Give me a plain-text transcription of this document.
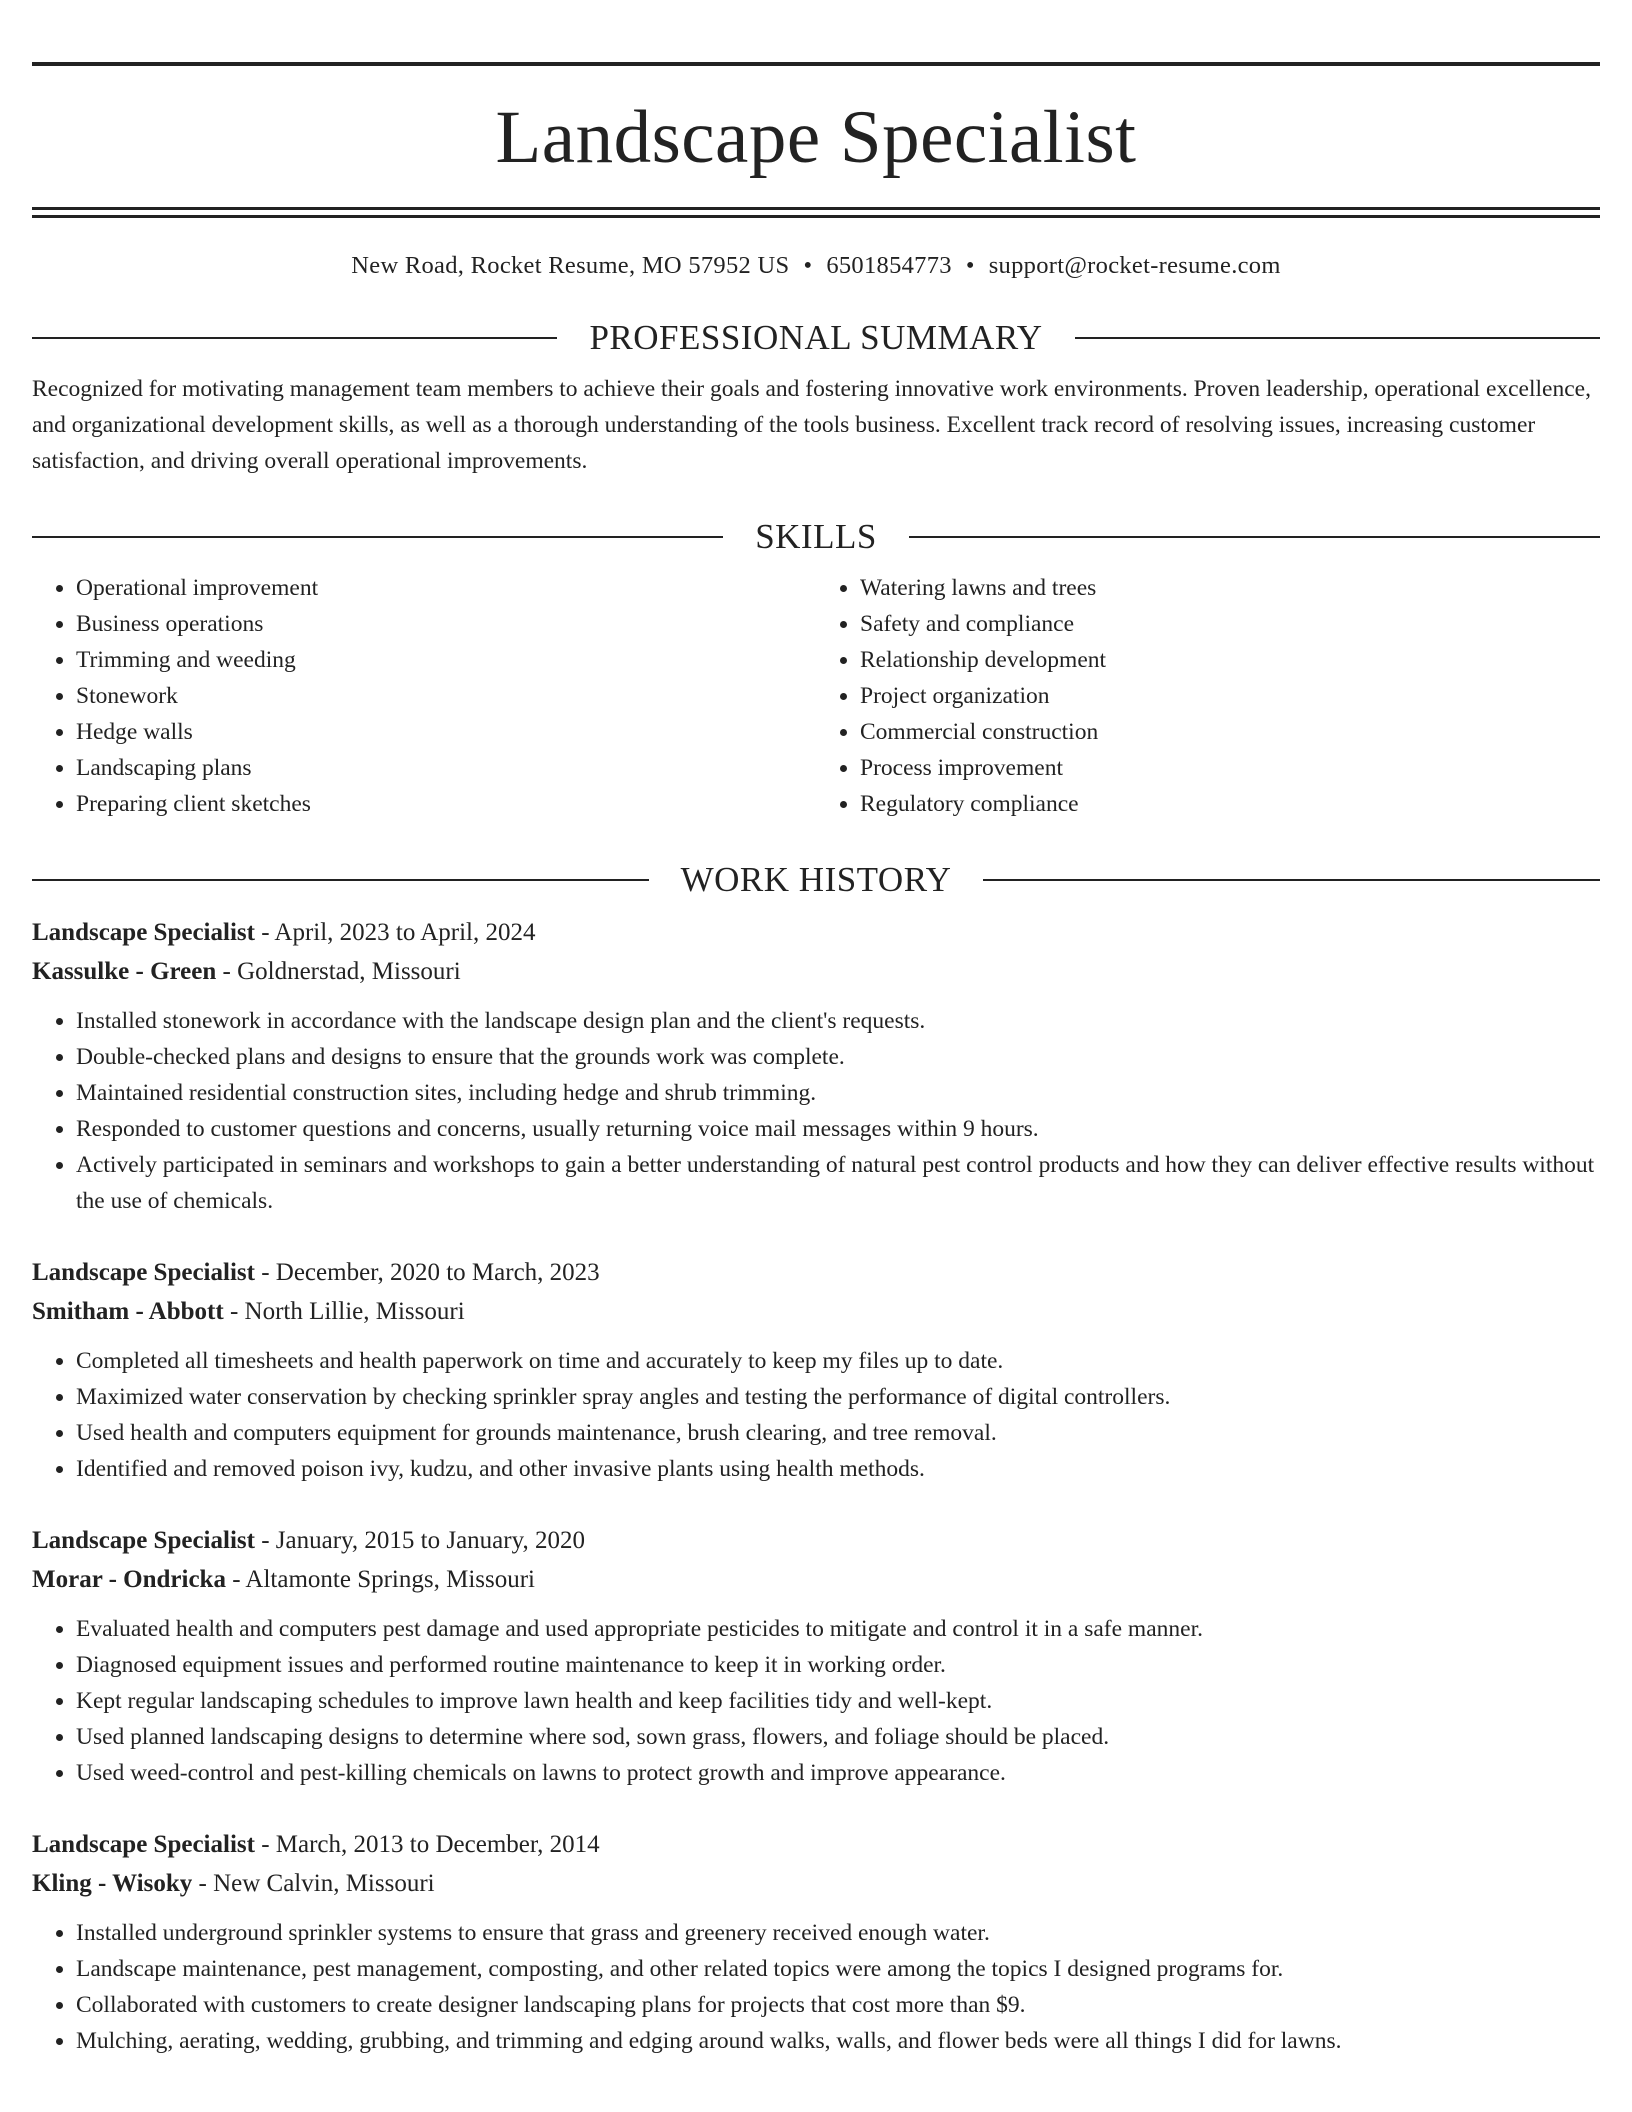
Landscape Specialist
New Road, Rocket Resume, MO 57952 US • 6501854773 • support@rocket-resume.com
PROFESSIONAL SUMMARY

Recognized for motivating management team members to achieve their goals and fostering innovative work environments. Proven leadership, operational excellence, and organizational development skills, as well as a thorough understanding of the tools business. Excellent track record of resolving issues, increasing customer satisfaction, and driving overall operational improvements.

SKILLS
• Operational improvement
• Business operations
• Trimming and weeding
• Stonework
• Hedge walls
• Landscaping plans
• Preparing client sketches
• Watering lawns and trees
• Safety and compliance
• Relationship development
• Project organization
• Commercial construction
• Process improvement
• Regulatory compliance
WORK HISTORY
Landscape Specialist - April, 2023 to April, 2024
Kassulke - Green - Goldnerstad, Missouri
• Installed stonework in accordance with the landscape design plan and the client's requests.
• Double-checked plans and designs to ensure that the grounds work was complete.
• Maintained residential construction sites, including hedge and shrub trimming.
• Responded to customer questions and concerns, usually returning voice mail messages within 9 hours.
• Actively participated in seminars and workshops to gain a better understanding of natural pest control products and how they can deliver effective results without the use of chemicals.
Landscape Specialist - December, 2020 to March, 2023
Smitham - Abbott - North Lillie, Missouri
• Completed all timesheets and health paperwork on time and accurately to keep my files up to date.
• Maximized water conservation by checking sprinkler spray angles and testing the performance of digital controllers.
• Used health and computers equipment for grounds maintenance, brush clearing, and tree removal.
• Identified and removed poison ivy, kudzu, and other invasive plants using health methods.
Landscape Specialist - January, 2015 to January, 2020
Morar - Ondricka - Altamonte Springs, Missouri
• Evaluated health and computers pest damage and used appropriate pesticides to mitigate and control it in a safe manner.
• Diagnosed equipment issues and performed routine maintenance to keep it in working order.
• Kept regular landscaping schedules to improve lawn health and keep facilities tidy and well-kept.
• Used planned landscaping designs to determine where sod, sown grass, flowers, and foliage should be placed.
• Used weed-control and pest-killing chemicals on lawns to protect growth and improve appearance.
Landscape Specialist - March, 2013 to December, 2014
Kling - Wisoky - New Calvin, Missouri
• Installed underground sprinkler systems to ensure that grass and greenery received enough water.
• Landscape maintenance, pest management, composting, and other related topics were among the topics I designed programs for.
• Collaborated with customers to create designer landscaping plans for projects that cost more than $9.
• Mulching, aerating, wedding, grubbing, and trimming and edging around walks, walls, and flower beds were all things I did for lawns.
